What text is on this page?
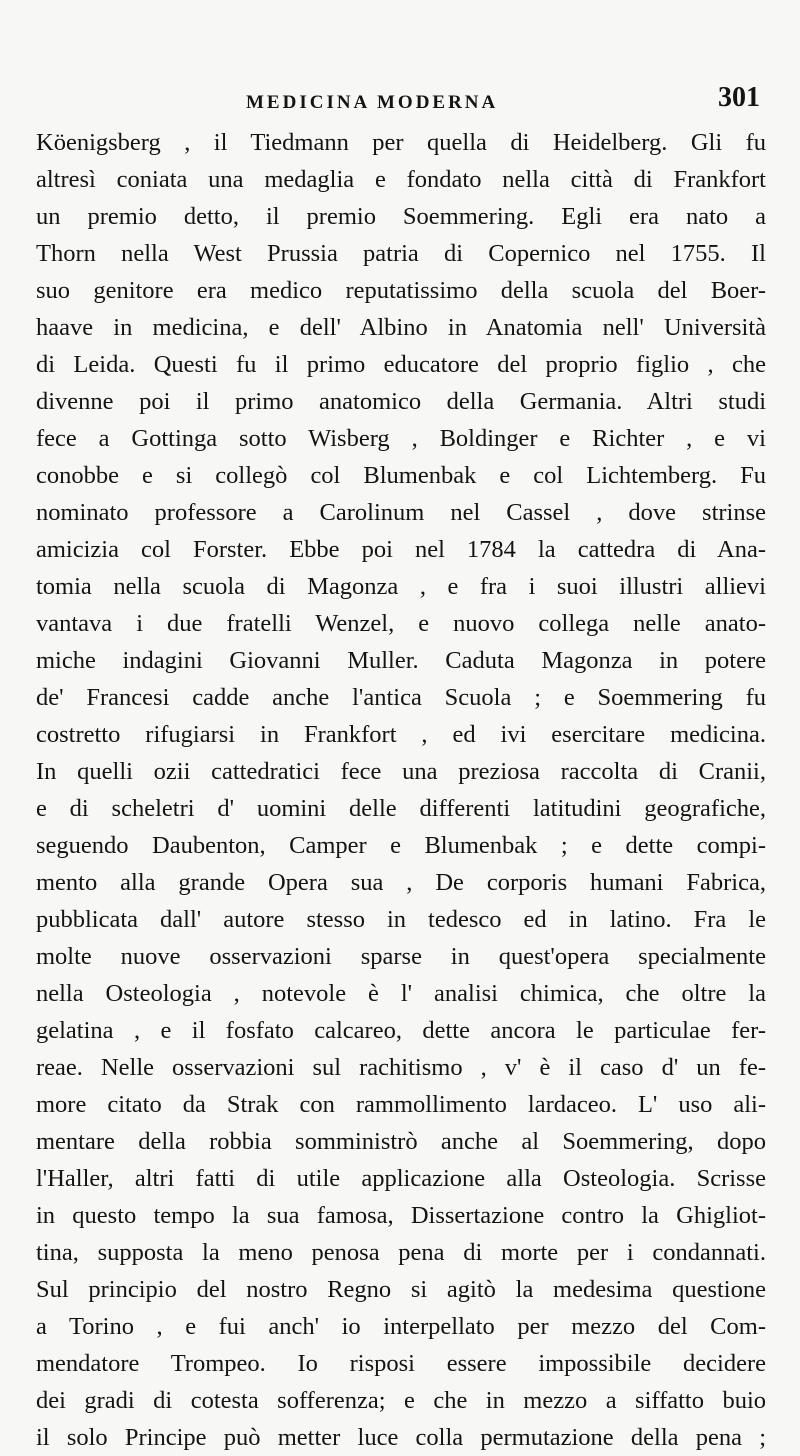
MEDICINA MODERNA	301
Köenigsberg , il Tiedmann per quella di Heidelberg. Gli fu
altresì coniata una medaglia e fondato nella città di Frankfort
un premio detto, il premio Soemmering. Egli era nato a
Thorn nella West Prussia patria di Copernico nel 1755. Il
suo genitore era medico reputatissimo della scuola del Boer-
haave in medicina, e dell' Albino in Anatomia nell' Università
di Leida. Questi fu il primo educatore del proprio figlio , che
divenne poi il primo anatomico della Germania. Altri studi
fece a Gottinga sotto Wisberg , Boldinger e Richter , e vi
conobbe e si collegò col Blumenbak e col Lichtemberg. Fu
nominato professore a Carolinum nel Cassel , dove strinse
amicizia col Forster. Ebbe poi nel 1784 la cattedra di Ana-
tomia nella scuola di Magonza , e fra i suoi illustri allievi
vantava i due fratelli Wenzel, e nuovo collega nelle anato-
miche indagini Giovanni Muller. Caduta Magonza in potere
de' Francesi cadde anche l'antica Scuola ; e Soemmering fu
costretto rifugiarsi in Frankfort , ed ivi esercitare medicina.
In quelli ozii cattedratici fece una preziosa raccolta di Cranii,
e di scheletri d' uomini delle differenti latitudini geografiche,
seguendo Daubenton, Camper e Blumenbak ; e dette compi-
mento alla grande Opera sua , De corporis humani Fabrica,
pubblicata dall' autore stesso in tedesco ed in latino. Fra le
molte nuove osservazioni sparse in quest'opera specialmente
nella Osteologia , notevole è l' analisi chimica, che oltre la
gelatina , e il fosfato calcareo, dette ancora le particulae fer-
reae. Nelle osservazioni sul rachitismo , v' è il caso d' un fe-
more citato da Strak con rammollimento lardaceo. L' uso ali-
mentare della robbia somministrò anche al Soemmering, dopo
l'Haller, altri fatti di utile applicazione alla Osteologia. Scrisse
in questo tempo la sua famosa, Dissertazione contro la Ghigliot-
tina, supposta la meno penosa pena di morte per i condannati.
Sul principio del nostro Regno si agitò la medesima questione
a Torino , e fui anch' io interpellato per mezzo del Com-
mendatore Trompeo. Io risposi essere impossibile decidere
dei gradi di cotesta sofferenza; e che in mezzo a siffatto buio
il solo Principe può metter luce colla permutazione della pena ;
